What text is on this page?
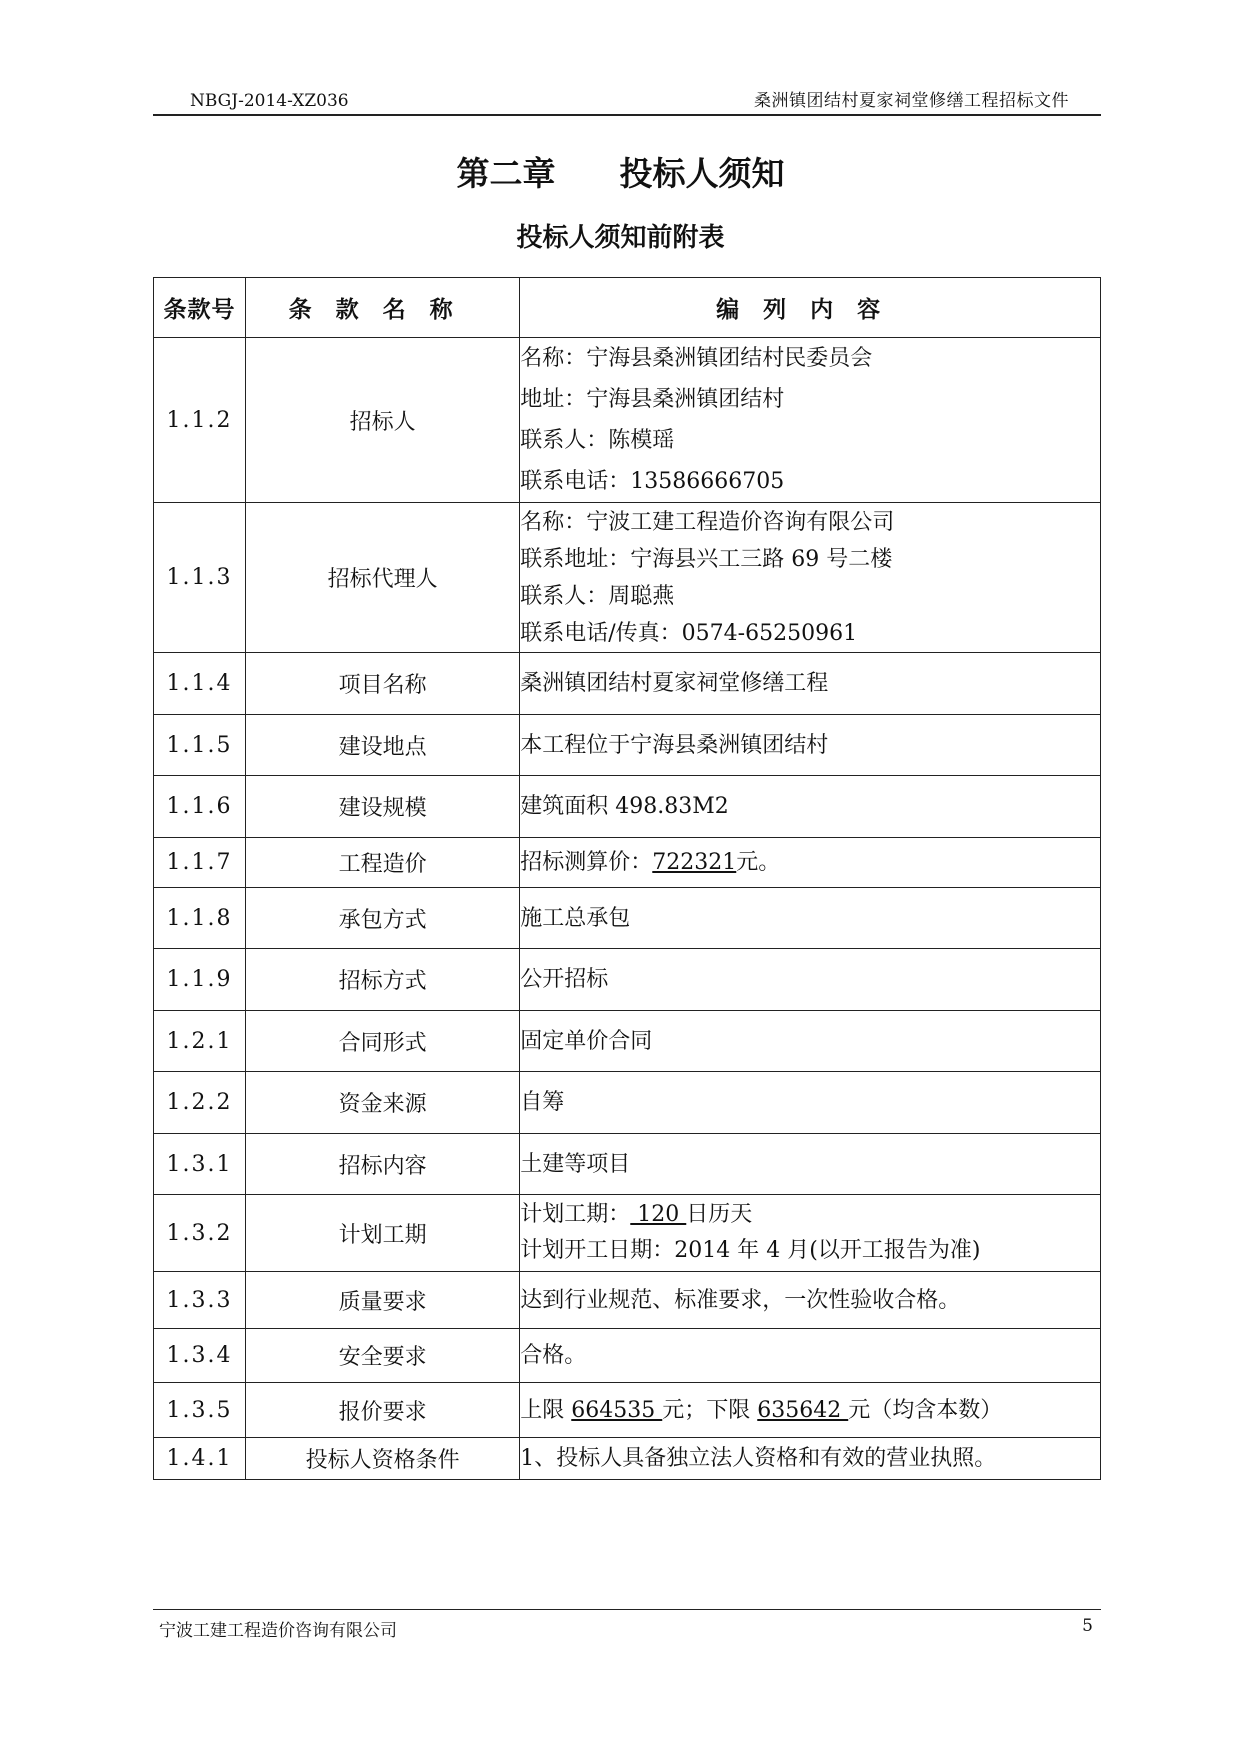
NBGJ-2014-XZ036	桑洲镇团结村夏家祠堂修缮工程招标文件
第二章 投标人须知
投标人须知前附表
条款号	条款名称	编列内容
1.1.2	招标人	名称：宁海县桑洲镇团结村民委员会
地址：宁海县桑洲镇团结村
联系人：陈模瑶
联系电话：13586666705

1.1.3	招标代理人	名称：宁波工建工程造价咨询有限公司
联系地址：宁海县兴工三路 69 号二楼
联系人：周聪燕
联系电话/传真：0574-65250961

1.1.4	项目名称	桑洲镇团结村夏家祠堂修缮工程
1.1.5	建设地点	本工程位于宁海县桑洲镇团结村
1.1.6	建设规模	建筑面积 498.83M2
1.1.7	工程造价	招标测算价：722321元。
1.1.8	承包方式	施工总承包
1.1.9	招标方式	公开招标
1.2.1	合同形式	固定单价合同
1.2.2	资金来源	自筹
1.3.1	招标内容	土建等项目
1.3.2	计划工期	计划工期： 120 日历天
计划开工日期：2014 年 4 月(以开工报告为准)

1.3.3	质量要求	达到行业规范、标准要求，一次性验收合格。
1.3.4	安全要求	合格。
1.3.5	报价要求	上限 664535 元；下限 635642 元（均含本数）
1.4.1	投标人资格条件	1、投标人具备独立法人资格和有效的营业执照。
宁波工建工程造价咨询有限公司	5
